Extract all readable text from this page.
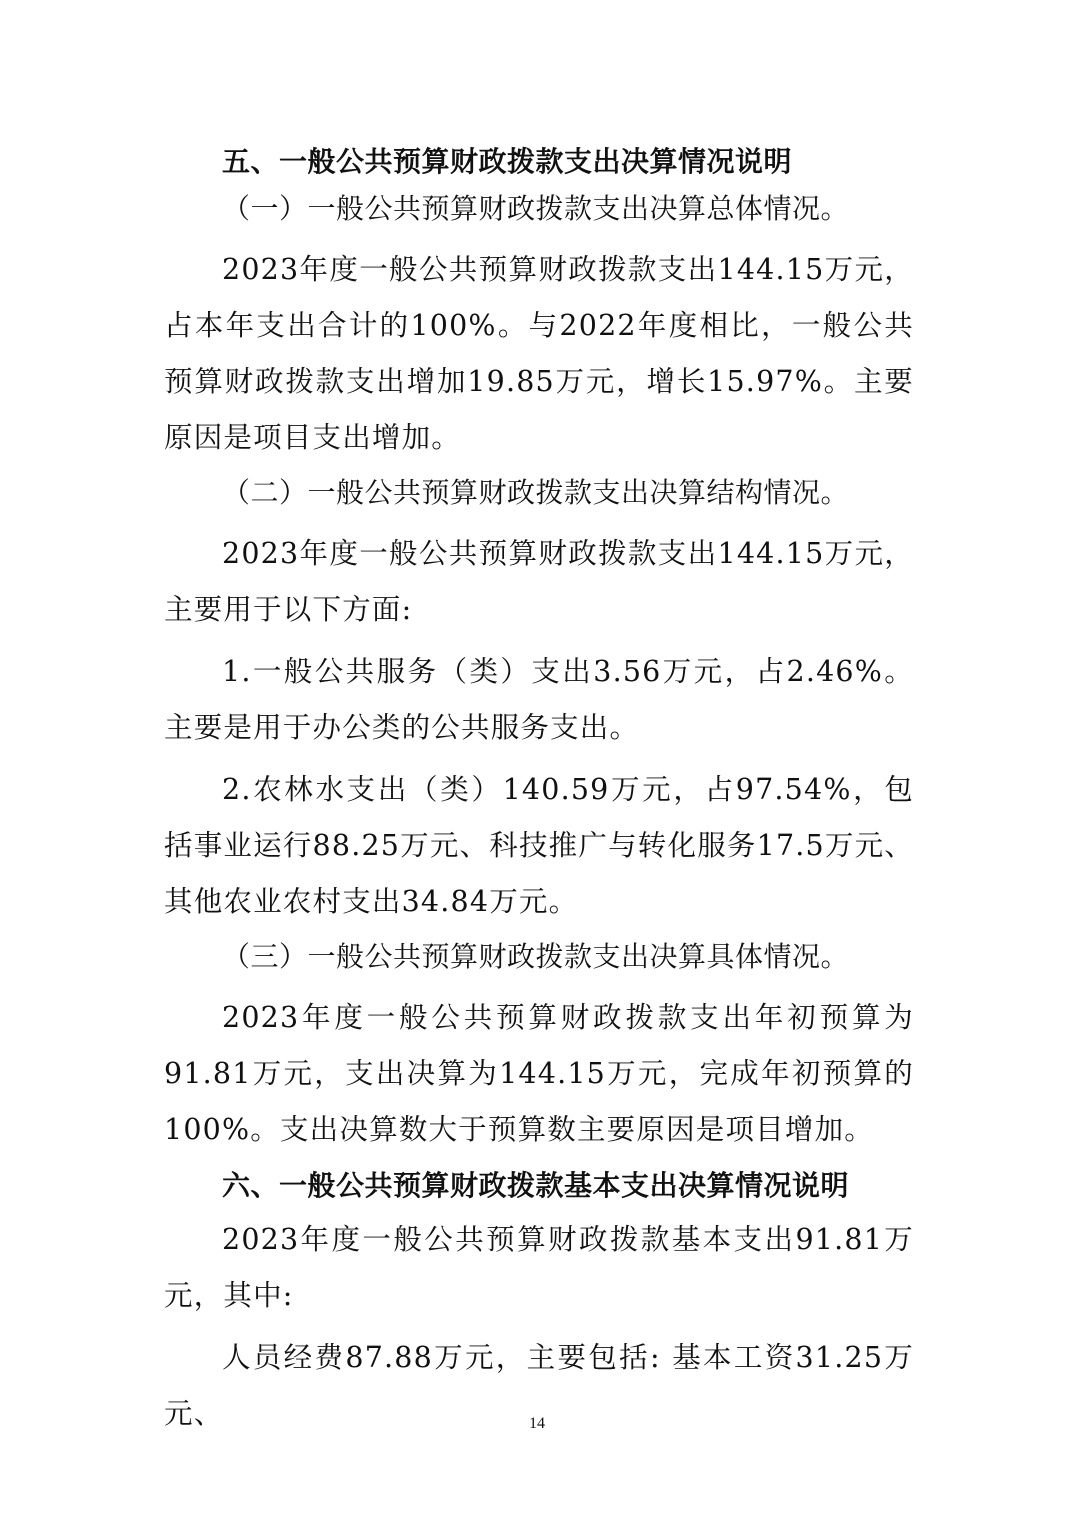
五、一般公共预算财政拨款支出决算情况说明
（一）一般公共预算财政拨款支出决算总体情况。

2023年度一般公共预算财政拨款支出144.15万元，占本年支出合计的100%。与2022年度相比，一般公共预算财政拨款支出增加19.85万元，增长15.97%。主要原因是项目支出增加。

（二）一般公共预算财政拨款支出决算结构情况。

2023年度一般公共预算财政拨款支出144.15万元，主要用于以下方面:

1.一般公共服务（类）支出3.56万元，占2.46%。主要是用于办公类的公共服务支出。

2.农林水支出（类）140.59万元，占97.54%，包括事业运行88.25万元、科技推广与转化服务17.5万元、其他农业农村支出34.84万元。

（三）一般公共预算财政拨款支出决算具体情况。

2023年度一般公共预算财政拨款支出年初预算为91.81万元，支出决算为144.15万元，完成年初预算的100%。支出决算数大于预算数主要原因是项目增加。

六、一般公共预算财政拨款基本支出决算情况说明

2023年度一般公共预算财政拨款基本支出91.81万元，其中:

人员经费87.88万元，主要包括: 基本工资31.25万元、	14
